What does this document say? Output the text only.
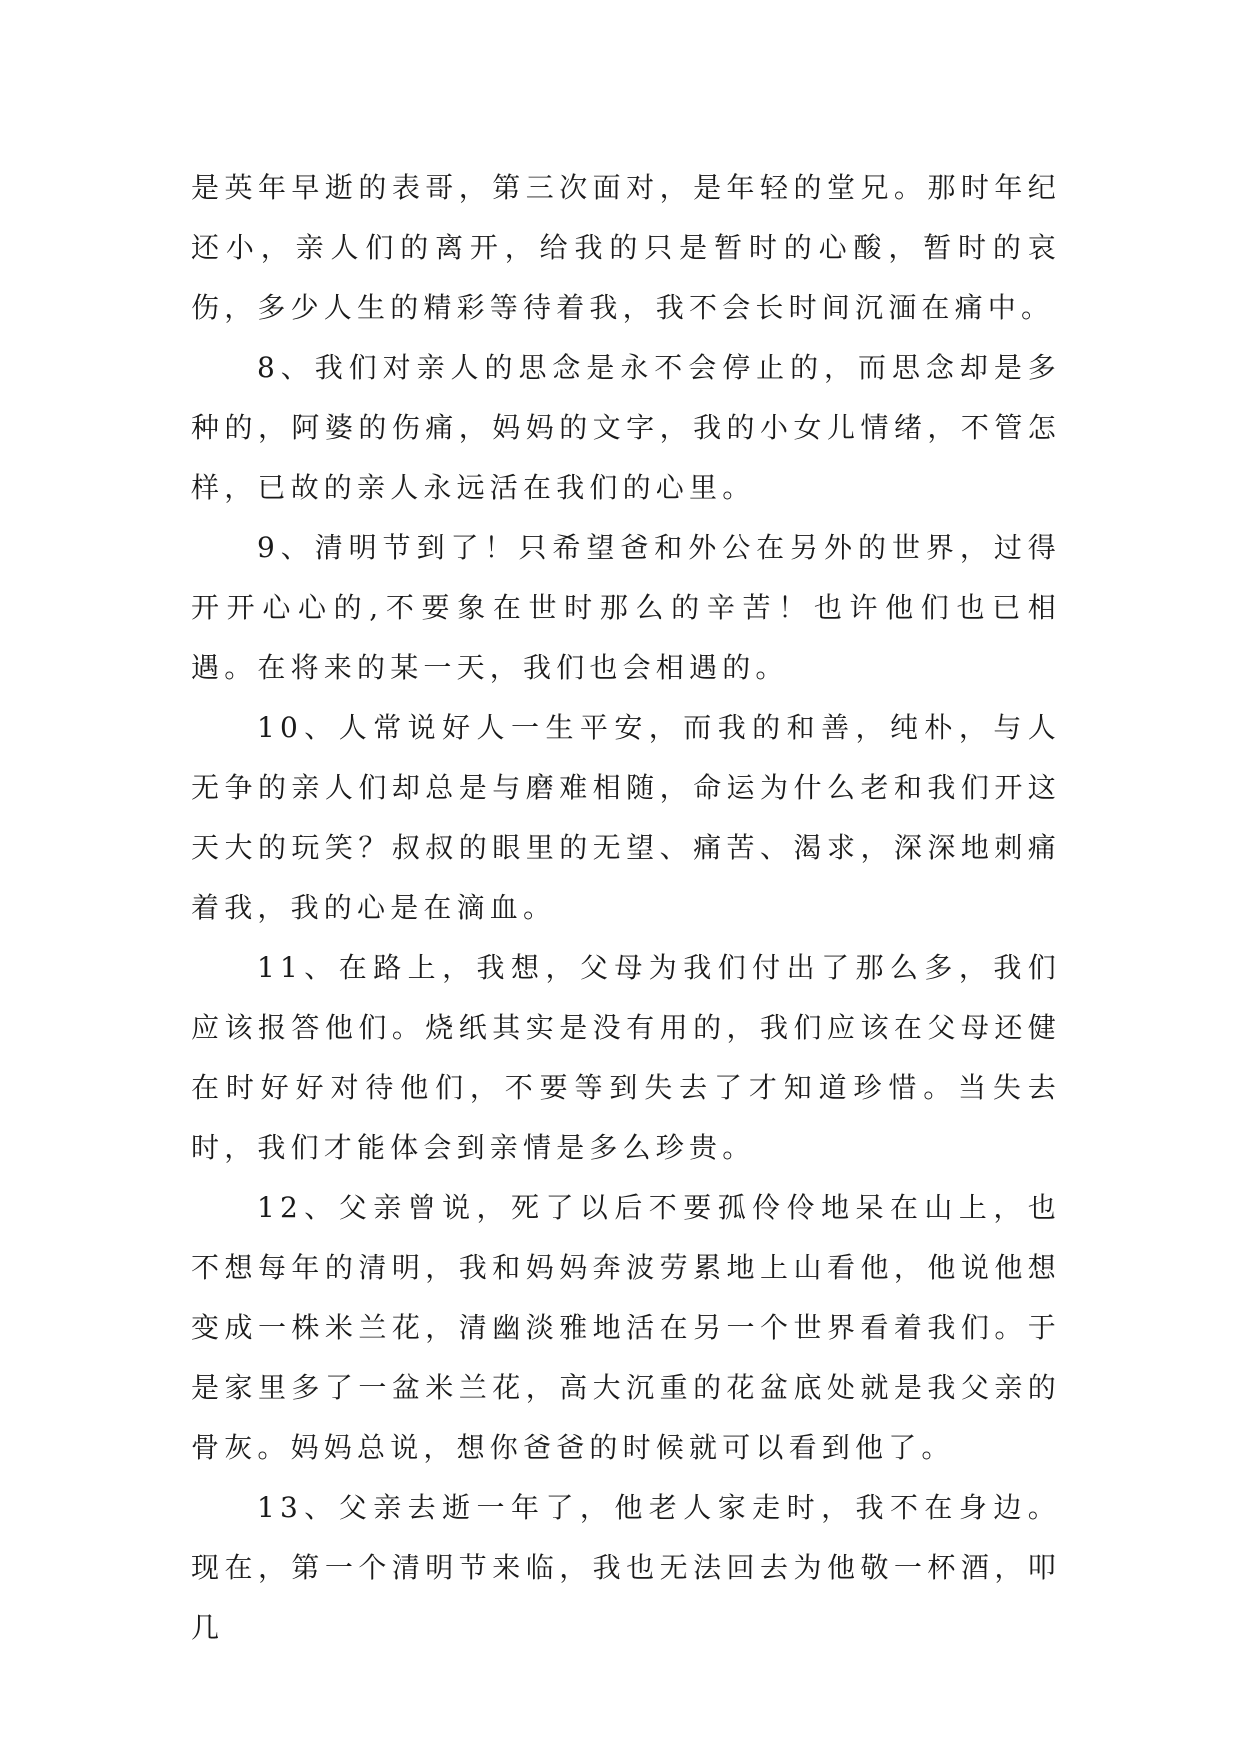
是英年早逝的表哥，第三次面对，是年轻的堂兄。那时年纪还小，亲人们的离开，给我的只是暂时的心酸，暂时的哀伤，多少人生的精彩等待着我，我不会长时间沉湎在痛中。

8、我们对亲人的思念是永不会停止的，而思念却是多种的，阿婆的伤痛，妈妈的文字，我的小女儿情绪，不管怎样，已故的亲人永远活在我们的心里。

9、清明节到了！只希望爸和外公在另外的世界，过得开开心心的,不要象在世时那么的辛苦！也许他们也已相遇。在将来的某一天，我们也会相遇的。

10、人常说好人一生平安，而我的和善，纯朴，与人无争的亲人们却总是与磨难相随，命运为什么老和我们开这天大的玩笑？叔叔的眼里的无望、痛苦、渴求，深深地刺痛着我，我的心是在滴血。

11、在路上，我想，父母为我们付出了那么多，我们应该报答他们。烧纸其实是没有用的，我们应该在父母还健在时好好对待他们，不要等到失去了才知道珍惜。当失去时，我们才能体会到亲情是多么珍贵。

12、父亲曾说，死了以后不要孤伶伶地呆在山上，也不想每年的清明，我和妈妈奔波劳累地上山看他，他说他想变成一株米兰花，清幽淡雅地活在另一个世界看着我们。于是家里多了一盆米兰花，高大沉重的花盆底处就是我父亲的骨灰。妈妈总说，想你爸爸的时候就可以看到他了。

13、父亲去逝一年了，他老人家走时，我不在身边。现在，第一个清明节来临，我也无法回去为他敬一杯酒，叩几
